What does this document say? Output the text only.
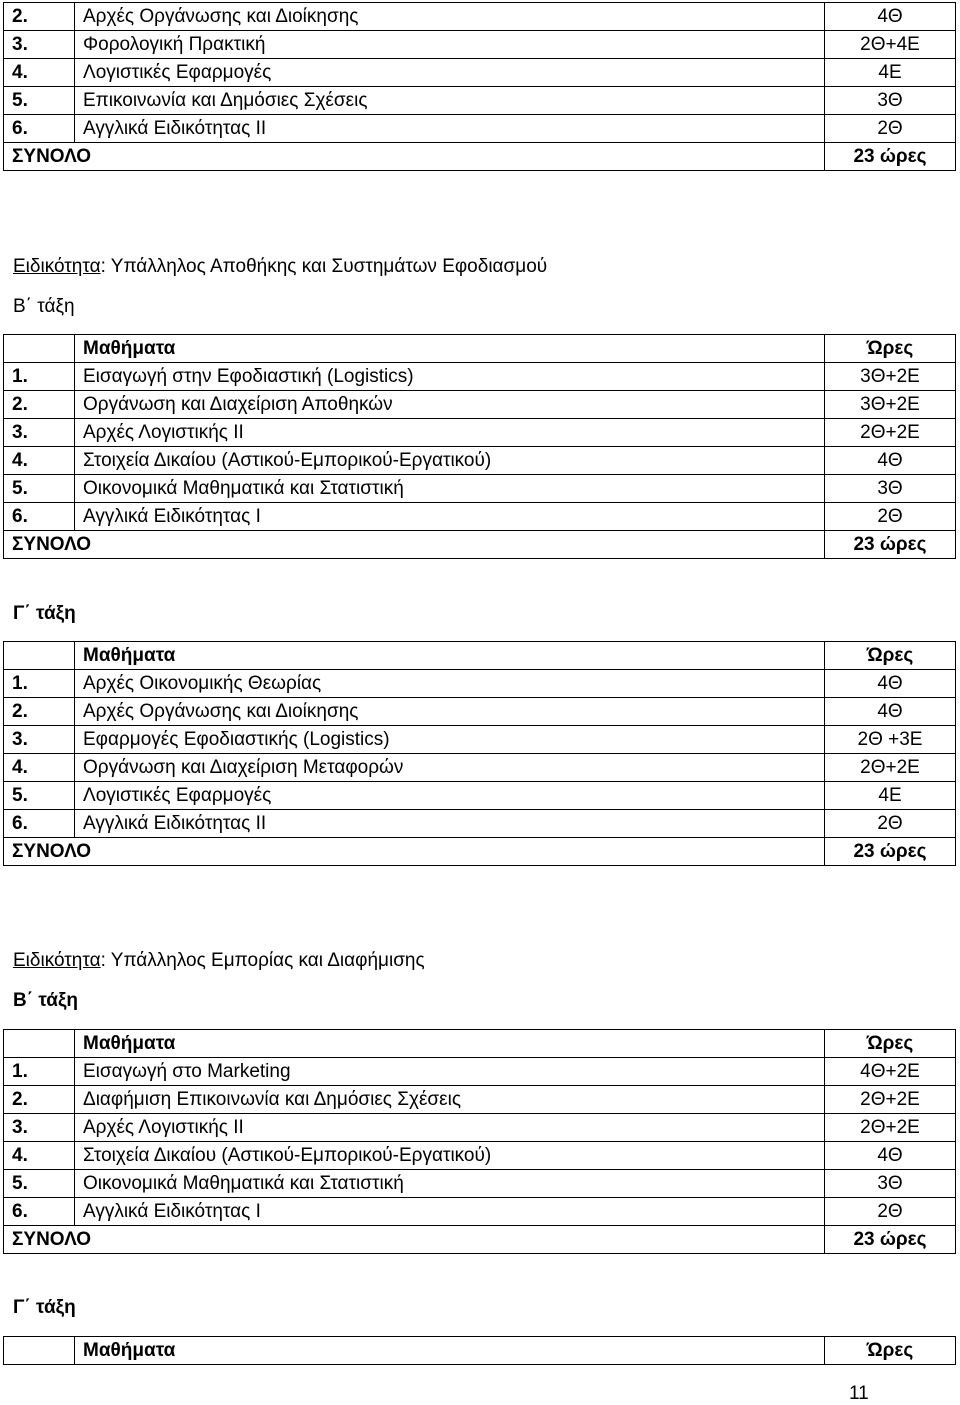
2.	Αρχές Οργάνωσης και Διοίκησης	4Θ
3.	Φορολογική Πρακτική	2Θ+4Ε
4.	Λογιστικές Εφαρμογές	4Ε
5.	Επικοινωνία και Δημόσιες Σχέσεις	3Θ
6.	Αγγλικά Ειδικότητας ΙΙ	2Θ
ΣΥΝΟΛΟ		23 ώρες
Ειδικότητα: Υπάλληλος Αποθήκης και Συστημάτων Εφοδιασμού
Β΄ τάξη
	Μαθήματα	Ώρες
1.	Εισαγωγή στην Εφοδιαστική (Logistics)	3Θ+2Ε
2.	Οργάνωση και Διαχείριση Αποθηκών	3Θ+2Ε
3.	Αρχές Λογιστικής ΙΙ	2Θ+2Ε
4.	Στοιχεία Δικαίου (Αστικού-Εμπορικού-Εργατικού)	4Θ
5.	Οικονομικά Μαθηματικά και Στατιστική	3Θ
6.	Αγγλικά Ειδικότητας Ι	2Θ
ΣΥΝΟΛΟ		23 ώρες
Γ΄ τάξη
	Μαθήματα	Ώρες
1.	Αρχές Οικονομικής Θεωρίας	4Θ
2.	Αρχές Οργάνωσης και Διοίκησης	4Θ
3.	Εφαρμογές Εφοδιαστικής (Logistics)	2Θ +3Ε
4.	Οργάνωση και Διαχείριση Μεταφορών	2Θ+2Ε
5.	Λογιστικές Εφαρμογές	4Ε
6.	Αγγλικά Ειδικότητας ΙΙ	2Θ
ΣΥΝΟΛΟ		23 ώρες
Ειδικότητα: Υπάλληλος Εμπορίας και Διαφήμισης
Β΄ τάξη
	Μαθήματα	Ώρες
1.	Εισαγωγή στο Marketing	4Θ+2Ε
2.	Διαφήμιση Επικοινωνία και Δημόσιες Σχέσεις	2Θ+2Ε
3.	Αρχές Λογιστικής ΙΙ	2Θ+2Ε
4.	Στοιχεία Δικαίου (Αστικού-Εμπορικού-Εργατικού)	4Θ
5.	Οικονομικά Μαθηματικά και Στατιστική	3Θ
6.	Αγγλικά Ειδικότητας Ι	2Θ
ΣΥΝΟΛΟ		23 ώρες
Γ΄ τάξη
	Μαθήματα	Ώρες
11
